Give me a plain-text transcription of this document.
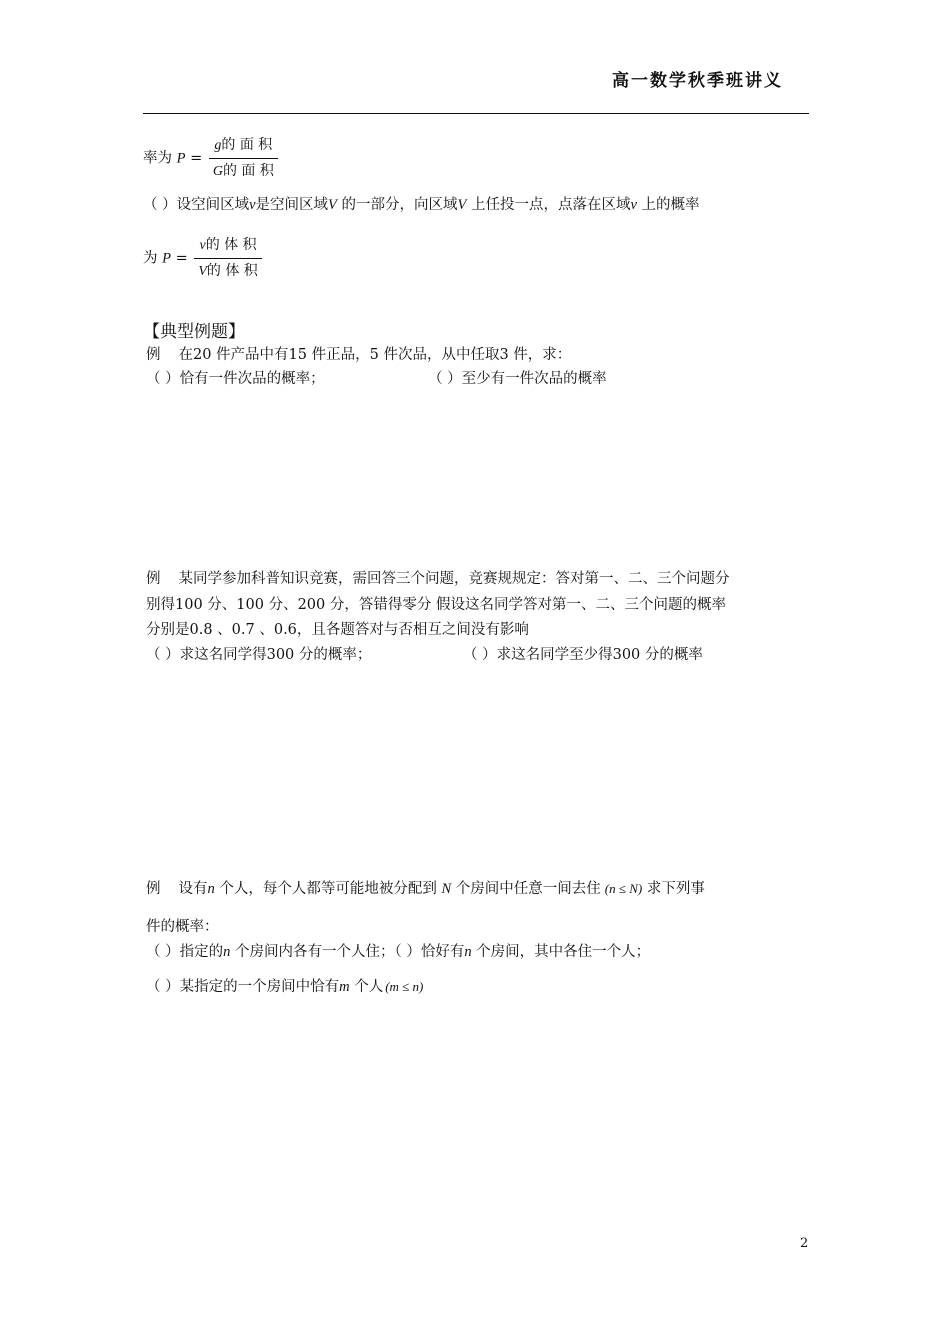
高一数学秋季班讲义
率为 $P = \frac{\text{g的 面 积}}{\text{G的 面 积}}$
（ ）设空间区域v是空间区域V 的一部分，向区域V 上任投一点，点落在区域v 上的概率
为 $P = \frac{\text{v的 体 积}}{\text{V的 体 积}}$
【典型例题】
例 在20 件产品中有15 件正品，5 件次品，从中任取3 件，求：
（ ）恰有一件次品的概率；	（ ）至少有一件次品的概率
例 某同学参加科普知识竞赛，需回答三个问题，竞赛规规定：答对第一、二、三个问题分
别得100 分、100 分、200 分，答错得零分 假设这名同学答对第一、二、三个问题的概率
分别是0.8 、0.7 、0.6，且各题答对与否相互之间没有影响
（ ）求这名同学得300 分的概率；	（ ）求这名同学至少得300 分的概率
例 设有n 个人，每个人都等可能地被分配到 N 个房间中任意一间去住 (n ≤ N) 求下列事
件的概率：
（ ）指定的n 个房间内各有一个人住；（ ）恰好有n 个房间，其中各住一个人；
（ ）某指定的一个房间中恰有m 个人 (m ≤ n)
2
